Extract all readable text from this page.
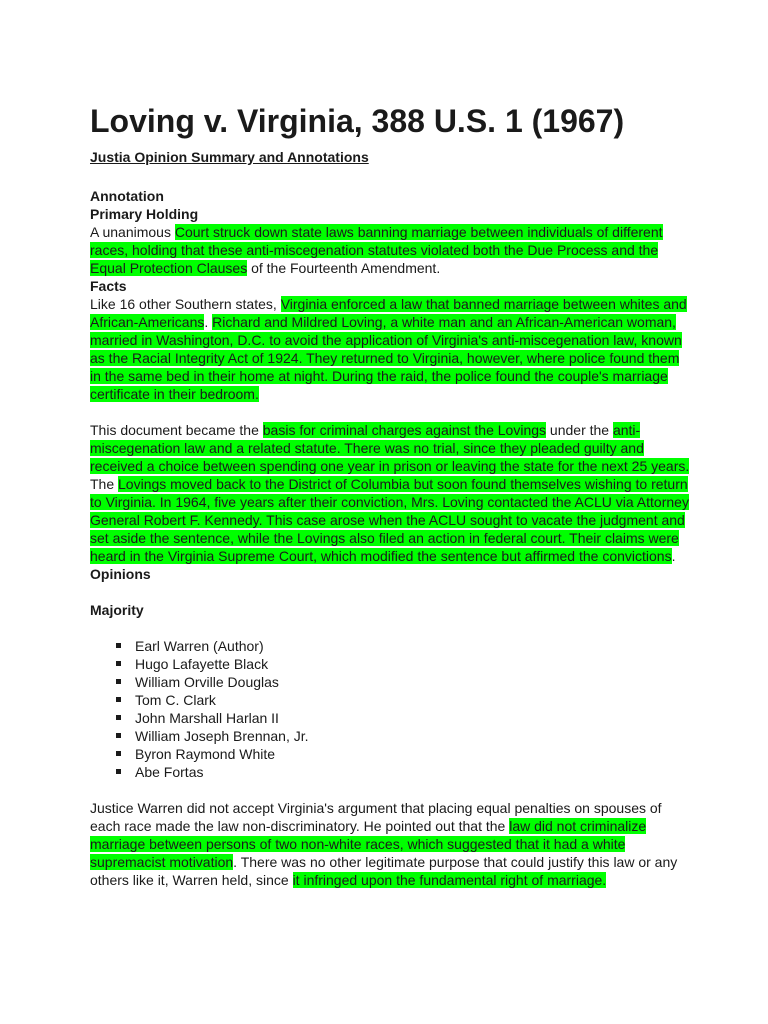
Loving v. Virginia, 388 U.S. 1 (1967)
Justia Opinion Summary and Annotations
Annotation
Primary Holding

A unanimous Court struck down state laws banning marriage between individuals of different races, holding that these anti-miscegenation statutes violated both the Due Process and the Equal Protection Clauses of the Fourteenth Amendment.

Facts

Like 16 other Southern states, Virginia enforced a law that banned marriage between whites and African-Americans. Richard and Mildred Loving, a white man and an African-American woman, married in Washington, D.C. to avoid the application of Virginia's anti-miscegenation law, known as the Racial Integrity Act of 1924. They returned to Virginia, however, where police found them in the same bed in their home at night. During the raid, the police found the couple's marriage certificate in their bedroom.

This document became the basis for criminal charges against the Lovings under the anti-miscegenation law and a related statute. There was no trial, since they pleaded guilty and received a choice between spending one year in prison or leaving the state for the next 25 years. The Lovings moved back to the District of Columbia but soon found themselves wishing to return to Virginia. In 1964, five years after their conviction, Mrs. Loving contacted the ACLU via Attorney General Robert F. Kennedy. This case arose when the ACLU sought to vacate the judgment and set aside the sentence, while the Lovings also filed an action in federal court. Their claims were heard in the Virginia Supreme Court, which modified the sentence but affirmed the convictions.

Opinions
Majority
Earl Warren (Author)
Hugo Lafayette Black
William Orville Douglas
Tom C. Clark
John Marshall Harlan II
William Joseph Brennan, Jr.
Byron Raymond White
Abe Fortas

Justice Warren did not accept Virginia's argument that placing equal penalties on spouses of each race made the law non-discriminatory. He pointed out that the law did not criminalize marriage between persons of two non-white races, which suggested that it had a white supremacist motivation. There was no other legitimate purpose that could justify this law or any others like it, Warren held, since it infringed upon the fundamental right of marriage.
